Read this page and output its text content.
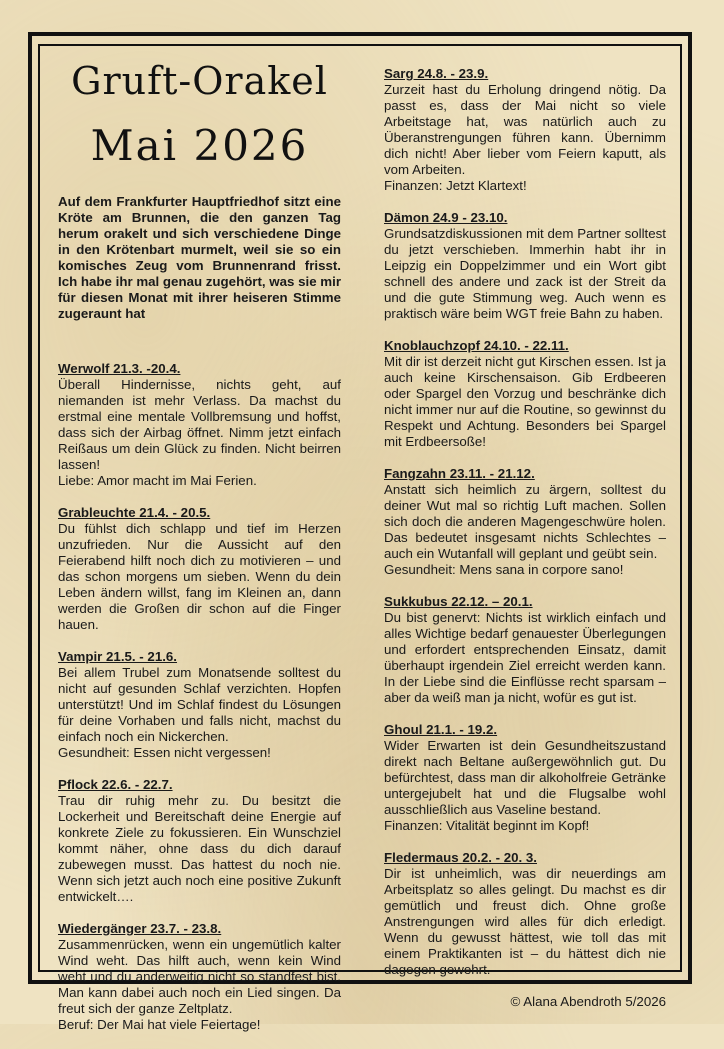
Gruft-Orakel
Mai 2026

Auf dem Frankfurter Hauptfriedhof sitzt eine Kröte am Brunnen, die den ganzen Tag herum orakelt und sich verschiedene Dinge in den Krötenbart murmelt, weil sie so ein komisches Zeug vom Brunnenrand frisst. Ich habe ihr mal genau zugehört, was sie mir für diesen Monat mit ihrer heiseren Stimme zugeraunt hat

Werwolf 21.3. -20.4.
Überall Hindernisse, nichts geht, auf niemanden ist mehr Verlass. Da machst du erstmal eine mentale Vollbremsung und hoffst, dass sich der Airbag öffnet. Nimm jetzt einfach Reißaus um dein Glück zu finden. Nicht beirren lassen!
Liebe: Amor macht im Mai Ferien.
Grableuchte 21.4. - 20.5.
Du fühlst dich schlapp und tief im Herzen unzufrieden. Nur die Aussicht auf den Feierabend hilft noch dich zu motivieren – und das schon morgens um sieben. Wenn du dein Leben ändern willst, fang im Kleinen an, dann werden die Großen dir schon auf die Finger hauen.
Vampir 21.5. - 21.6.
Bei allem Trubel zum Monatsende solltest du nicht auf gesunden Schlaf verzichten. Hopfen unterstützt! Und im Schlaf findest du Lösungen für deine Vorhaben und falls nicht, machst du einfach noch ein Nickerchen.
Gesundheit: Essen nicht vergessen!
Pflock 22.6. - 22.7.
Trau dir ruhig mehr zu. Du besitzt die Lockerheit und Bereitschaft deine Energie auf konkrete Ziele zu fokussieren. Ein Wunschziel kommt näher, ohne dass du dich darauf zubewegen musst. Das hattest du noch nie. Wenn sich jetzt auch noch eine positive Zukunft entwickelt….
Wiedergänger 23.7. - 23.8.
Zusammenrücken, wenn ein ungemütlich kalter Wind weht. Das hilft auch, wenn kein Wind weht und du anderweitig nicht so standfest bist. Man kann dabei auch noch ein Lied singen. Da freut sich der ganze Zeltplatz.
Beruf: Der Mai hat viele Feiertage!
Sarg 24.8. - 23.9.
Zurzeit hast du Erholung dringend nötig. Da passt es, dass der Mai nicht so viele Arbeitstage hat, was natürlich auch zu Überanstrengungen führen kann. Übernimm dich nicht! Aber lieber vom Feiern kaputt, als vom Arbeiten.
Finanzen: Jetzt Klartext!
Dämon 24.9 - 23.10.
Grundsatzdiskussionen mit dem Partner solltest du jetzt verschieben. Immerhin habt ihr in Leipzig ein Doppelzimmer und ein Wort gibt schnell des andere und zack ist der Streit da und die gute Stimmung weg. Auch wenn es praktisch wäre beim WGT freie Bahn zu haben.
Knoblauchzopf 24.10. - 22.11.
Mit dir ist derzeit nicht gut Kirschen essen. Ist ja auch keine Kirschensaison. Gib Erdbeeren oder Spargel den Vorzug und beschränke dich nicht immer nur auf die Routine, so gewinnst du Respekt und Achtung. Besonders bei Spargel mit Erdbeersoße!
Fangzahn 23.11. - 21.12.
Anstatt sich heimlich zu ärgern, solltest du deiner Wut mal so richtig Luft machen. Sollen sich doch die anderen Magengeschwüre holen. Das bedeutet insgesamt nichts Schlechtes – auch ein Wutanfall will geplant und geübt sein.
Gesundheit: Mens sana in corpore sano!
Sukkubus 22.12. – 20.1.
Du bist genervt: Nichts ist wirklich einfach und alles Wichtige bedarf genauester Überlegungen und erfordert entsprechenden Einsatz, damit überhaupt irgendein Ziel erreicht werden kann. In der Liebe sind die Einflüsse recht sparsam – aber da weiß man ja nicht, wofür es gut ist.
Ghoul 21.1. - 19.2.
Wider Erwarten ist dein Gesundheitszustand direkt nach Beltane außergewöhnlich gut. Du befürchtest, dass man dir alkoholfreie Getränke untergejubelt hat und die Flugsalbe wohl ausschließlich aus Vaseline bestand.
Finanzen: Vitalität beginnt im Kopf!
Fledermaus 20.2. - 20. 3.
Dir ist unheimlich, was dir neuerdings am Arbeitsplatz so alles gelingt. Du machst es dir gemütlich und freust dich. Ohne große Anstrengungen wird alles für dich erledigt. Wenn du gewusst hättest, wie toll das mit einem Praktikanten ist – du hättest dich nie dagegen gewehrt.
© Alana Abendroth 5/2026
